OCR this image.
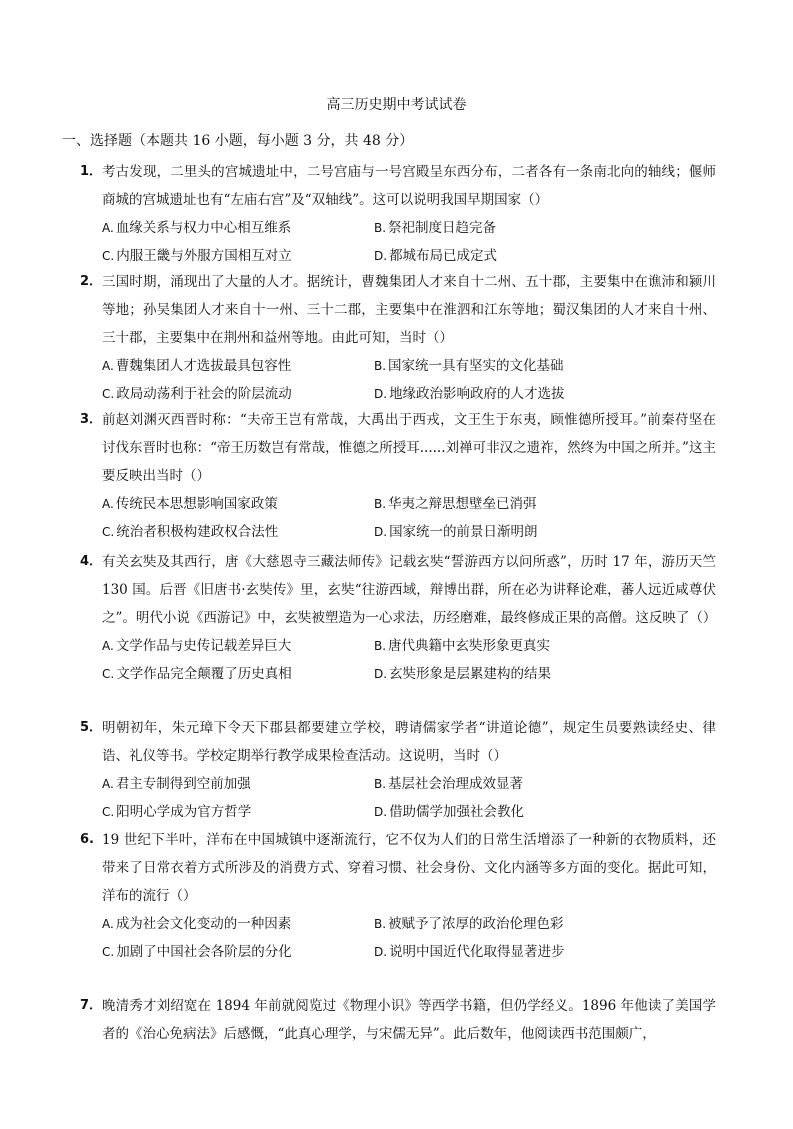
高三历史期中考试试卷
一、选择题（本题共 16 小题，每小题 3 分，共 48 分）
1． 考古发现，二里头的宫城遗址中，二号宫庙与一号宫殿呈东西分布，二者各有一条南北向的轴线；偃师商城的宫城遗址也有“左庙右宫”及“双轴线”。这可以说明我国早期国家（）
A. 血缘关系与权力中心相互维系	B. 祭祀制度日趋完备
C. 内服王畿与外服方国相互对立	D. 都城布局已成定式
2． 三国时期，涌现出了大量的人才。据统计，曹魏集团人才来自十二州、五十郡，主要集中在谯沛和颍川等地；孙吴集团人才来自十一州、三十二郡，主要集中在淮泗和江东等地；蜀汉集团的人才来自十州、三十郡，主要集中在荆州和益州等地。由此可知，当时（）
A. 曹魏集团人才选拔最具包容性	B. 国家统一具有坚实的文化基础
C. 政局动荡利于社会的阶层流动	D. 地缘政治影响政府的人才选拔
3． 前赵刘渊灭西晋时称：“夫帝王岂有常哉，大禹出于西戎，文王生于东夷，顾惟德所授耳。”前秦苻坚在讨伐东晋时也称：“帝王历数岂有常哉，惟德之所授耳......刘禅可非汉之遗祚，然终为中国之所并。”这主要反映出当时（）
A. 传统民本思想影响国家政策	B. 华夷之辩思想壁垒已消弭
C. 统治者积极构建政权合法性	D. 国家统一的前景日渐明朗
4． 有关玄奘及其西行，唐《大慈恩寺三藏法师传》记载玄奘“誓游西方以问所惑”，历时 17 年，游历天竺 130 国。后晋《旧唐书·玄奘传》里，玄奘“往游西域，辩博出群，所在必为讲释论难，蕃人远近咸尊伏之”。明代小说《西游记》中，玄奘被塑造为一心求法，历经磨难，最终修成正果的高僧。这反映了（）
A. 文学作品与史传记载差异巨大	B. 唐代典籍中玄奘形象更真实
C. 文学作品完全颠覆了历史真相	D. 玄奘形象是层累建构的结果
5． 明朝初年，朱元璋下令天下郡县都要建立学校，聘请儒家学者“讲道论德”，规定生员要熟读经史、律诰、礼仪等书。学校定期举行教学成果检查活动。这说明，当时（）
A. 君主专制得到空前加强	B. 基层社会治理成效显著
C. 阳明心学成为官方哲学	D. 借助儒学加强社会教化
6. 19 世纪下半叶，洋布在中国城镇中逐渐流行，它不仅为人们的日常生活增添了一种新的衣物质料，还带来了日常衣着方式所涉及的消费方式、穿着习惯、社会身份、文化内涵等多方面的变化。据此可知，洋布的流行（）
A. 成为社会文化变动的一种因素	B. 被赋予了浓厚的政治伦理色彩
C. 加剧了中国社会各阶层的分化	D. 说明中国近代化取得显著进步
7． 晚清秀才刘绍宽在 1894 年前就阅览过《物理小识》等西学书籍，但仍学经义。1896 年他读了美国学者的《治心免病法》后感慨，“此真心理学，与宋儒无异”。此后数年，他阅读西书范围颇广，
